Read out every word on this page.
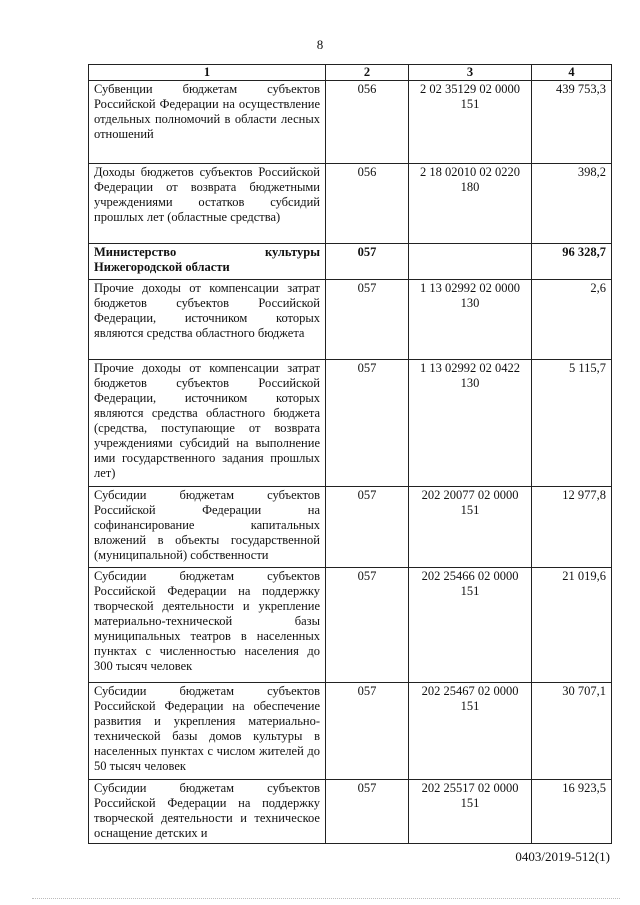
8
1	2	3	4
Субвенции бюджетам субъектов Российской Федерации на осуществление отдельных полномочий в области лесных отношений	056	2 02 35129 02 0000 151	439 753,3
Доходы бюджетов субъектов Российской Федерации от возврата бюджетными учреждениями остатков субсидий прошлых лет (областные средства)	056	2 18 02010 02 0220 180	398,2
Министерство культуры Нижегородской области	057		96 328,7
Прочие доходы от компенсации затрат бюджетов субъектов Российской Федерации, источником которых являются средства областного бюджета	057	1 13 02992 02 0000 130	2,6
Прочие доходы от компенсации затрат бюджетов субъектов Российской Федерации, источником которых являются средства областного бюджета (средства, поступающие от возврата учреждениями субсидий на выполнение ими государственного задания прошлых лет)	057	1 13 02992 02 0422 130	5 115,7
Субсидии бюджетам субъектов Российской Федерации на софинансирование капитальных вложений в объекты государственной (муниципальной) собственности	057	202 20077 02 0000 151	12 977,8
Субсидии бюджетам субъектов Российской Федерации на поддержку творческой деятельности и укрепление материально-технической базы муниципальных театров в населенных пунктах с численностью населения до 300 тысяч человек	057	202 25466 02 0000 151	21 019,6
Субсидии бюджетам субъектов Российской Федерации на обеспечение развития и укрепления материально-технической базы домов культуры в населенных пунктах с числом жителей до 50 тысяч человек	057	202 25467 02 0000 151	30 707,1
Субсидии бюджетам субъектов Российской Федерации на поддержку творческой деятельности и техническое оснащение детских и	057	202 25517 02 0000 151	16 923,5
0403/2019-512(1)
